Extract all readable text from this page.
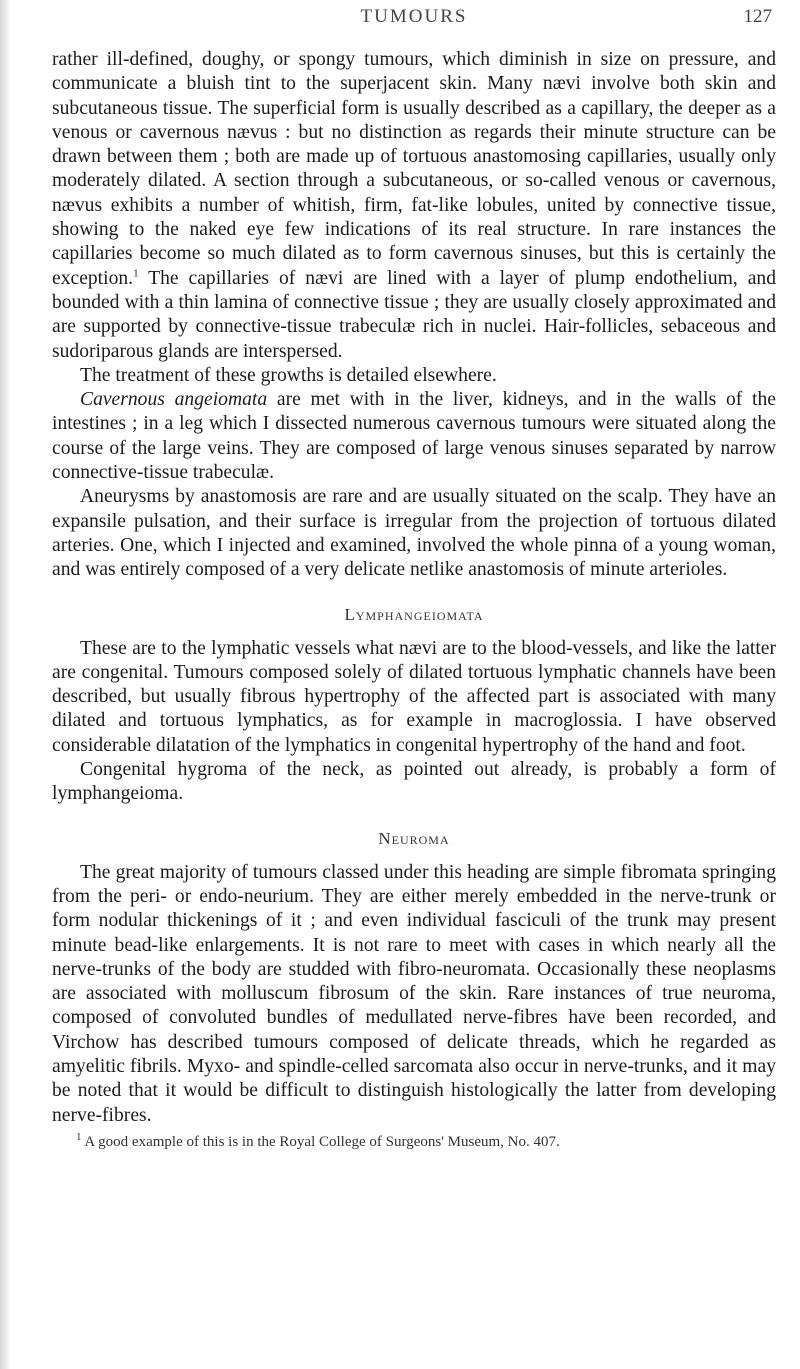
TUMOURS	127

rather ill-defined, doughy, or spongy tumours, which diminish in size on pressure, and communicate a bluish tint to the superjacent skin. Many nævi involve both skin and subcutaneous tissue. The superficial form is usually described as a capillary, the deeper as a venous or cavernous nævus : but no distinction as regards their minute structure can be drawn between them ; both are made up of tortuous anastomosing capillaries, usually only moderately dilated. A section through a subcutaneous, or so-called venous or cavernous, nævus exhibits a number of whitish, firm, fat-like lobules, united by connective tissue, showing to the naked eye few indications of its real structure. In rare instances the capillaries become so much dilated as to form cavernous sinuses, but this is certainly the exception.$^1$ The capillaries of nævi are lined with a layer of plump endothelium, and bounded with a thin lamina of connective tissue ; they are usually closely approximated and are supported by connective-tissue trabeculæ rich in nuclei. Hair-follicles, sebaceous and sudoriparous glands are interspersed.

The treatment of these growths is detailed elsewhere.

Cavernous angeiomata are met with in the liver, kidneys, and in the walls of the intestines ; in a leg which I dissected numerous cavernous tumours were situated along the course of the large veins. They are composed of large venous sinuses separated by narrow connective-tissue trabeculæ.

Aneurysms by anastomosis are rare and are usually situated on the scalp. They have an expansile pulsation, and their surface is irregular from the projection of tortuous dilated arteries. One, which I injected and examined, involved the whole pinna of a young woman, and was entirely composed of a very delicate netlike anastomosis of minute arterioles.

Lymphangeiomata

These are to the lymphatic vessels what nævi are to the blood-vessels, and like the latter are congenital. Tumours composed solely of dilated tortuous lymphatic channels have been described, but usually fibrous hypertrophy of the affected part is associated with many dilated and tortuous lymphatics, as for example in macroglossia. I have observed considerable dilatation of the lymphatics in congenital hypertrophy of the hand and foot.

Congenital hygroma of the neck, as pointed out already, is probably a form of lymphangeioma.

Neuroma

The great majority of tumours classed under this heading are simple fibromata springing from the peri- or endo-neurium. They are either merely embedded in the nerve-trunk or form nodular thickenings of it ; and even individual fasciculi of the trunk may present minute bead-like enlargements. It is not rare to meet with cases in which nearly all the nerve-trunks of the body are studded with fibro-neuromata. Occasionally these neoplasms are associated with molluscum fibrosum of the skin. Rare instances of true neuroma, composed of convoluted bundles of medullated nerve-fibres have been recorded, and Virchow has described tumours composed of delicate threads, which he regarded as amyelitic fibrils. Myxo- and spindle-celled sarcomata also occur in nerve-trunks, and it may be noted that it would be difficult to distinguish histologically the latter from developing nerve-fibres.

$^1$ A good example of this is in the Royal College of Surgeons' Museum, No. 407.
